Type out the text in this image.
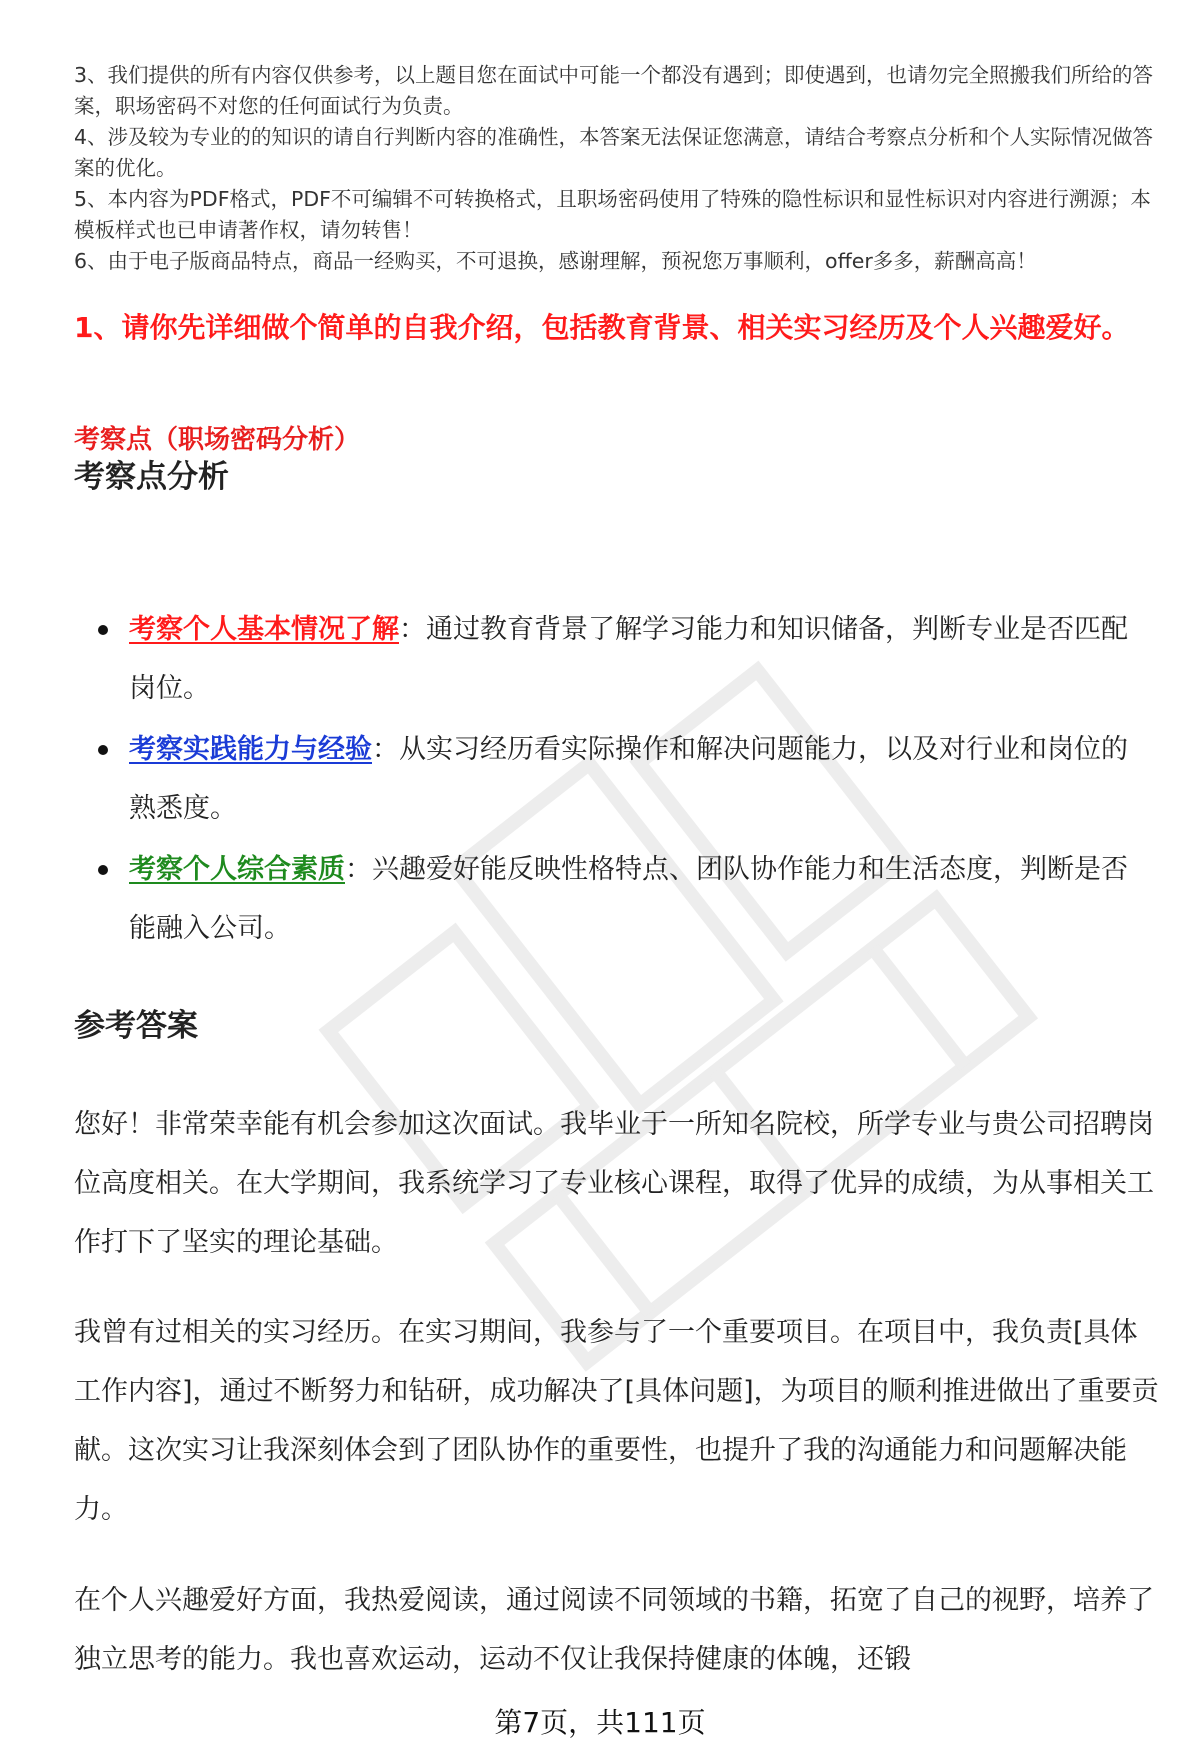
3、我们提供的所有内容仅供参考，以上题目您在面试中可能一个都没有遇到；即使遇到，也请勿完全照搬我们所给的答案，职场密码不对您的任何面试行为负责。

4、涉及较为专业的的知识的请自行判断内容的准确性，本答案无法保证您满意，请结合考察点分析和个人实际情况做答案的优化。

5、本内容为PDF格式，PDF不可编辑不可转换格式，且职场密码使用了特殊的隐性标识和显性标识对内容进行溯源；本模板样式也已申请著作权，请勿转售！

6、由于电子版商品特点，商品一经购买，不可退换，感谢理解，预祝您万事顺利，offer多多，薪酬高高！

1、请你先详细做个简单的自我介绍，包括教育背景、相关实习经历及个人兴趣爱好。
考察点（职场密码分析）
考察点分析
考察个人基本情况了解：通过教育背景了解学习能力和知识储备，判断专业是否匹配岗位。
考察实践能力与经验：从实习经历看实际操作和解决问题能力，以及对行业和岗位的熟悉度。
考察个人综合素质：兴趣爱好能反映性格特点、团队协作能力和生活态度，判断是否能融入公司。
参考答案

您好！非常荣幸能有机会参加这次面试。我毕业于一所知名院校，所学专业与贵公司招聘岗位高度相关。在大学期间，我系统学习了专业核心课程，取得了优异的成绩，为从事相关工作打下了坚实的理论基础。

我曾有过相关的实习经历。在实习期间，我参与了一个重要项目。在项目中，我负责[具体工作内容]，通过不断努力和钻研，成功解决了[具体问题]，为项目的顺利推进做出了重要贡献。这次实习让我深刻体会到了团队协作的重要性，也提升了我的沟通能力和问题解决能力。

在个人兴趣爱好方面，我热爱阅读，通过阅读不同领域的书籍，拓宽了自己的视野，培养了独立思考的能力。我也喜欢运动，运动不仅让我保持健康的体魄，还锻

第7页，共111页
